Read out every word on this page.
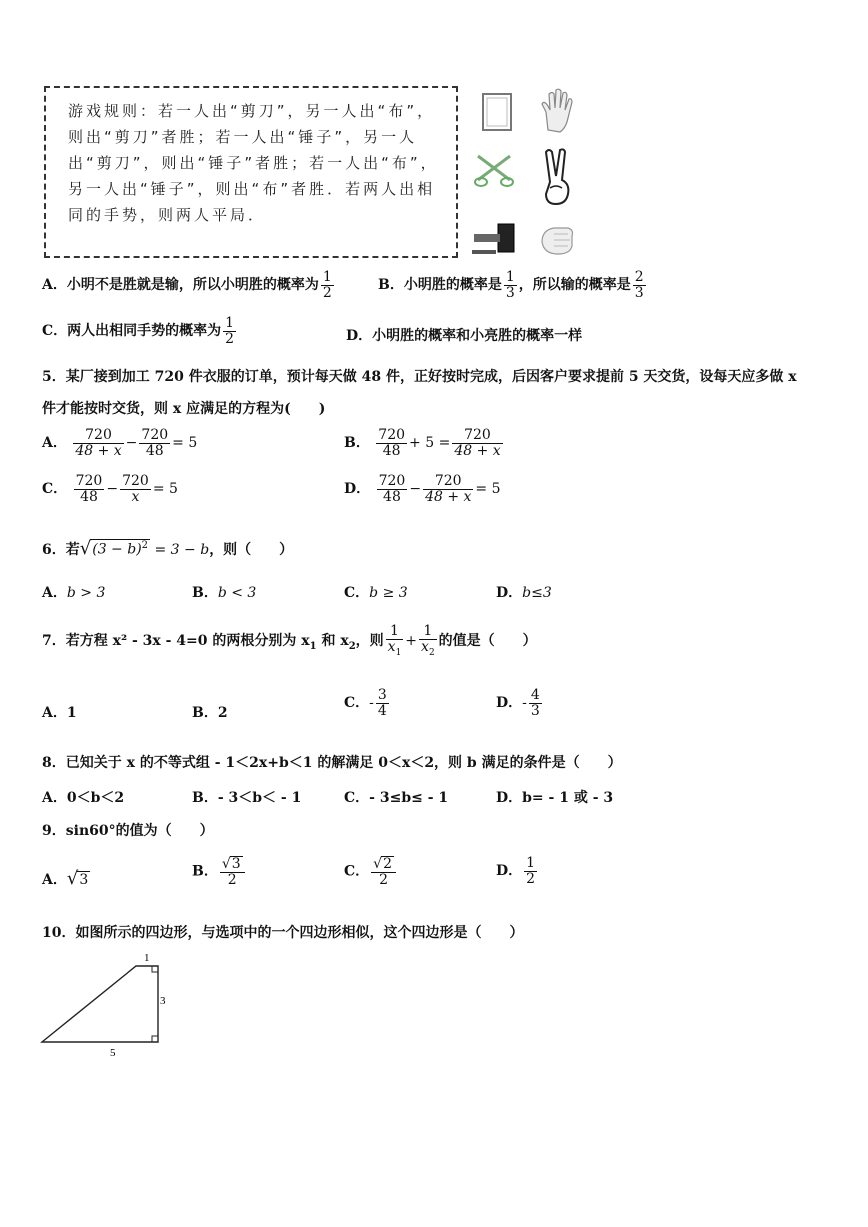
游戏规则：若一人出“剪刀”，另一人出“布”，则出“剪刀”者胜；若一人出“锤子”，另一人出“剪刀”，则出“锤子”者胜；若一人出“布”，另一人出“锤子”，则出“布”者胜．若两人出相同的手势，则两人平局．
A．小明不是胜就是输，所以小明胜的概率为 $\frac{1}{2}$	B．小明胜的概率是 $\frac{1}{3}$ ，所以输的概率是 $\frac{2}{3}$
C．两人出相同手势的概率为 $\frac{1}{2}$	D．小明胜的概率和小亮胜的概率一样
5．某厂接到加工 720 件衣服的订单，预计每天做 48 件，正好按时完成，后因客户要求提前 5 天交货，设每天应多做 x
件才能按时交货，则 x 应满足的方程为(　　)
A． $\frac{720}{48 + x} - \frac{720}{48} = 5$	B． $\frac{720}{48} + 5 = \frac{720}{48 + x}$
C． $\frac{720}{48} - \frac{720}{x} = 5$	D． $\frac{720}{48} - \frac{720}{48 + x} = 5$
6．若$√(3 - b)^2 = 3 - b$，则（　　）
A．b > 3	B．b < 3	C．b ≥ 3	D．b≤3
7．若方程 x² - 3x - 4=0 的两根分别为 $x_1$ 和 $x_2$，则 $\frac{1}{x_1} + \frac{1}{x_2}$ 的值是（　　）
A．1	B．2
C．- $\frac{3}{4}$	D．- $\frac{4}{3}$
8．已知关于 x 的不等式组 - 1＜2x+b＜1 的解满足 0＜x＜2，则 b 满足的条件是（　　）
A．0＜b＜2	B．- 3＜b＜ - 1	C．- 3≤b≤ - 1	D．b= - 1 或 - 3
9．sin60°的值为（　　）
A．√3
B． $\frac{√3}{2}$	C． $\frac{√2}{2}$	D． $\frac{1}{2}$
10．如图所示的四边形，与选项中的一个四边形相似，这个四边形是（　　）
1
3
5
